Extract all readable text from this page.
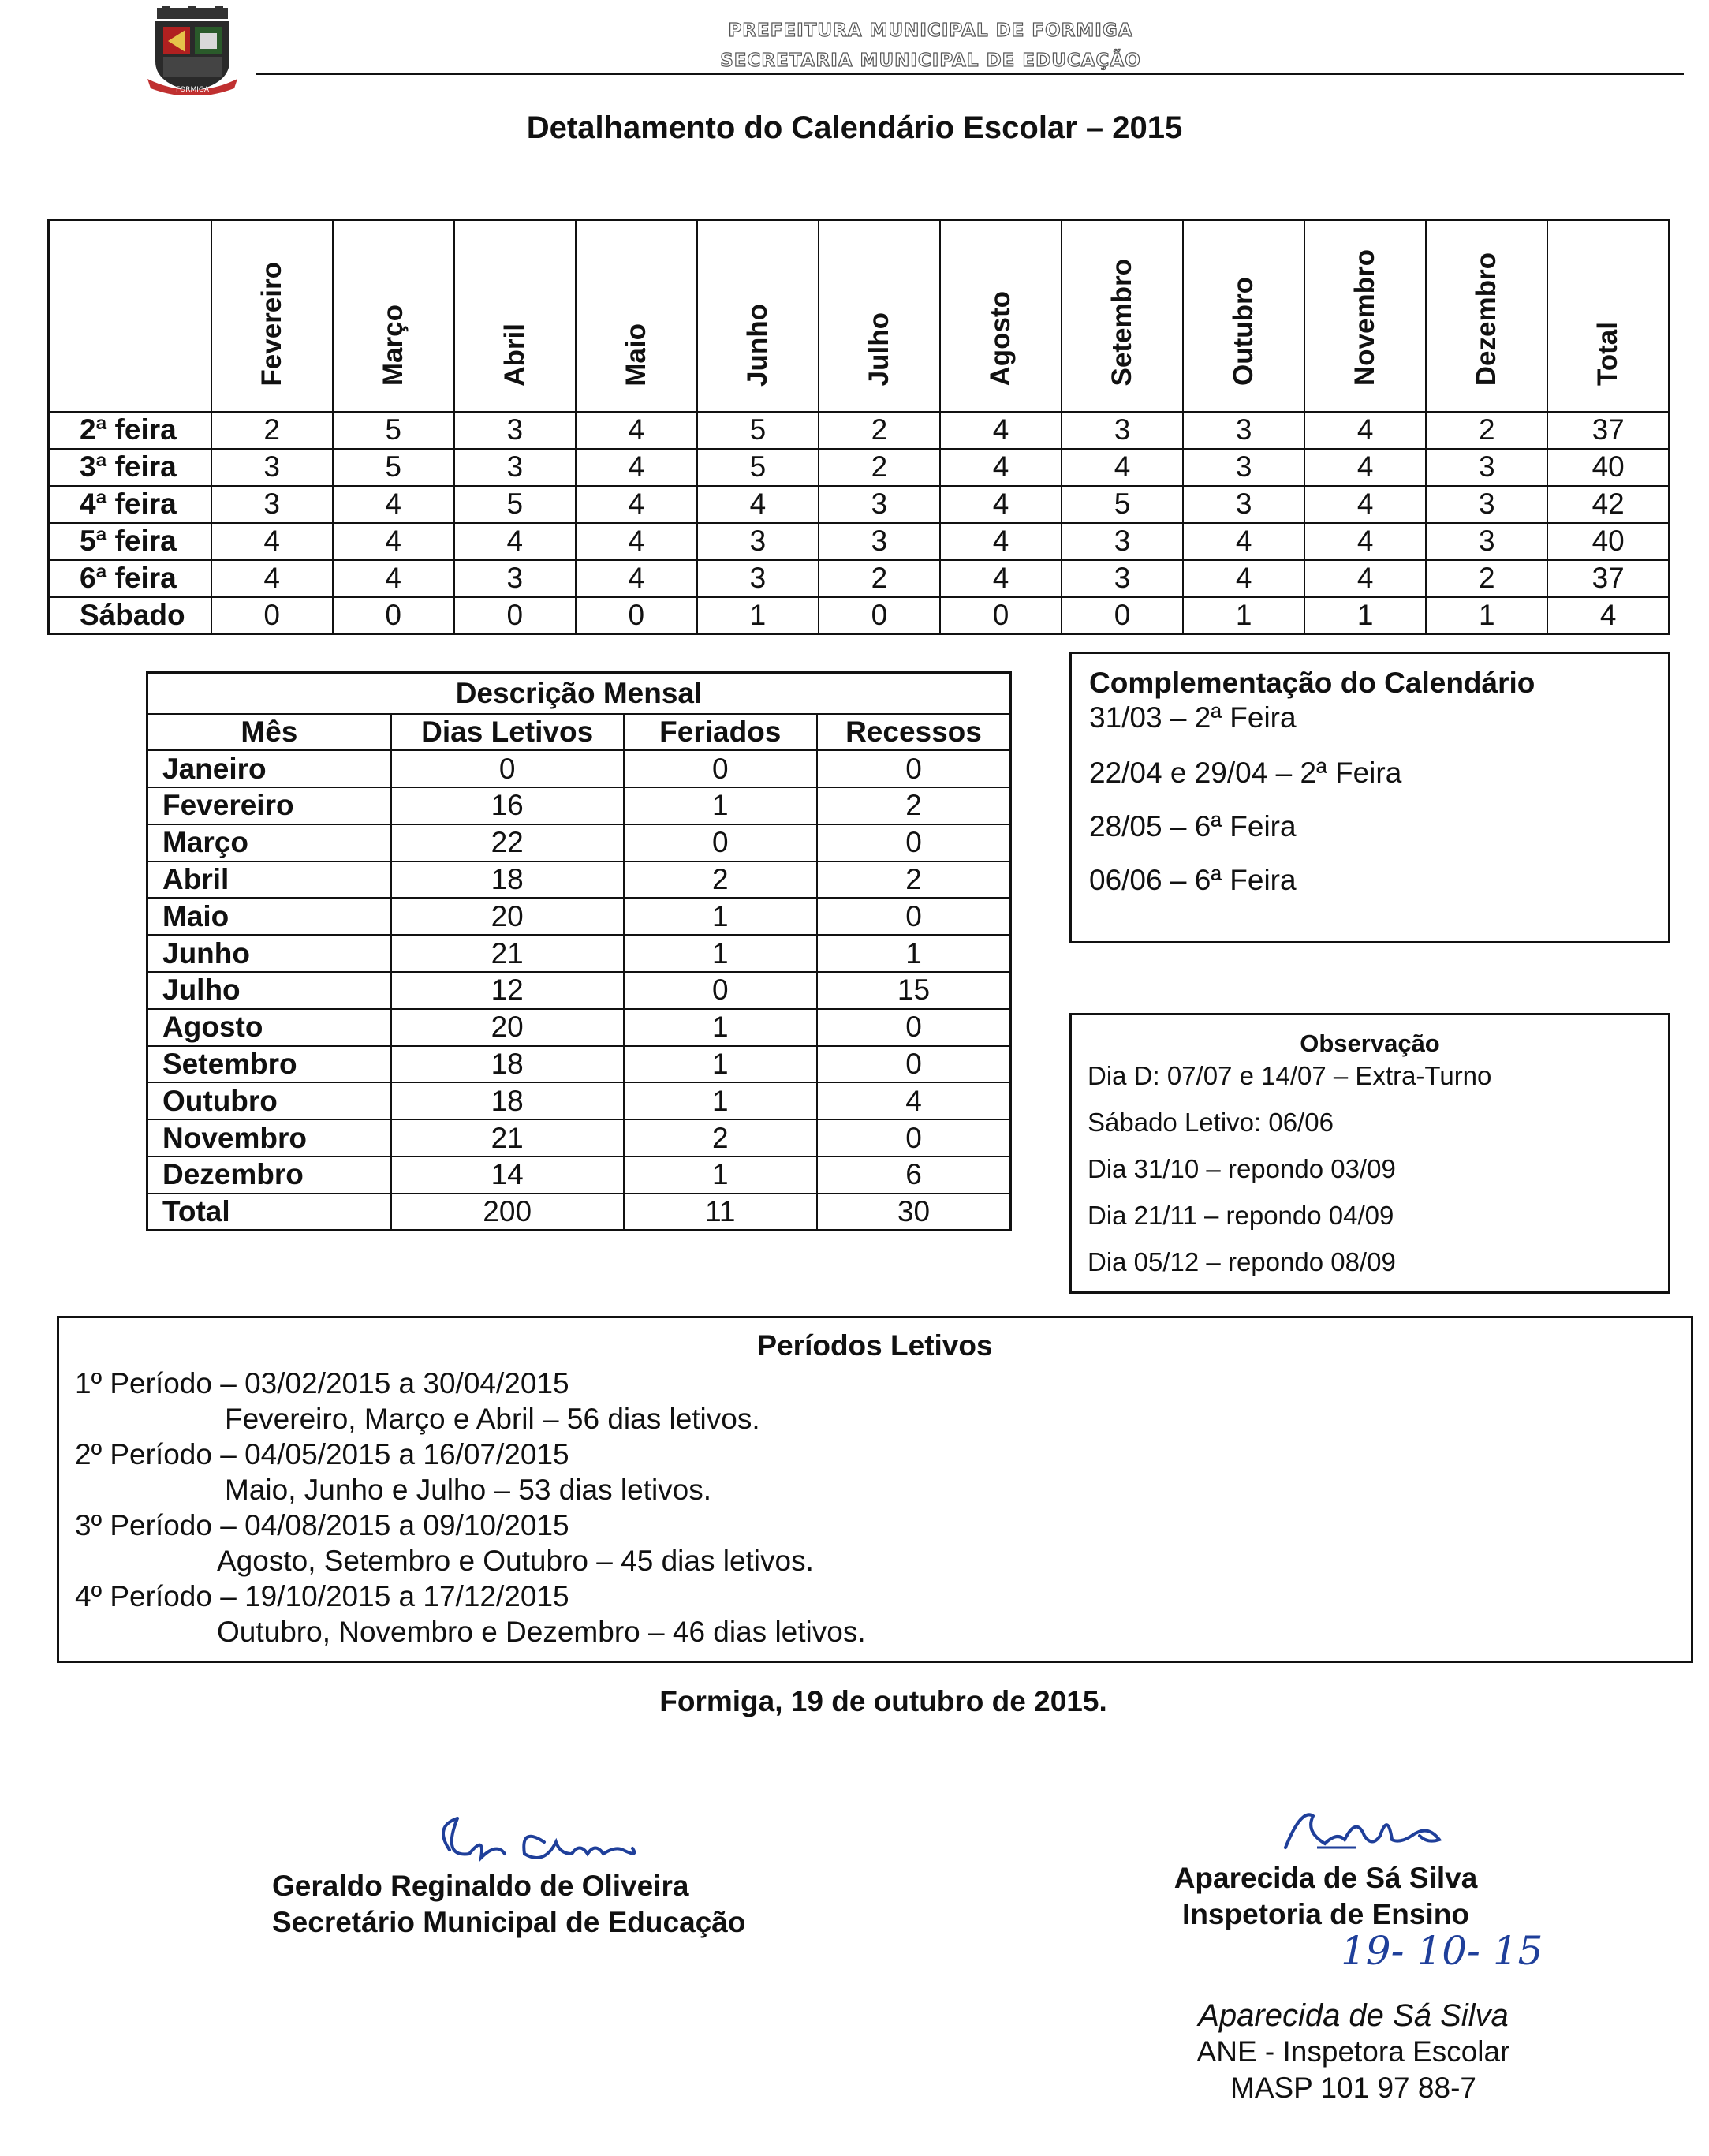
FORMIGA
PREFEITURA MUNICIPAL DE FORMIGA
SECRETARIA MUNICIPAL DE EDUCAÇÃO
Detalhamento do Calendário Escolar – 2015
	Fevereiro	Março	Abril	Maio	Junho	Julho	Agosto	Setembro	Outubro	Novembro	Dezembro	Total
2ª feira	2	5	3	4	5	2	4	3	3	4	2	37
3ª feira	3	5	3	4	5	2	4	4	3	4	3	40
4ª feira	3	4	5	4	4	3	4	5	3	4	3	42
5ª feira	4	4	4	4	3	3	4	3	4	4	3	40
6ª feira	4	4	3	4	3	2	4	3	4	4	2	37
Sábado	0	0	0	0	1	0	0	0	1	1	1	4
Descrição Mensal			
Mês	Dias Letivos	Feriados	Recessos
Janeiro	0	0	0
Fevereiro	16	1	2
Março	22	0	0
Abril	18	2	2
Maio	20	1	0
Junho	21	1	1
Julho	12	0	15
Agosto	20	1	0
Setembro	18	1	0
Outubro	18	1	4
Novembro	21	2	0
Dezembro	14	1	6
Total	200	11	30
Complementação do Calendário
31/03 – 2ª Feira
22/04 e 29/04 – 2ª Feira
28/05 – 6ª Feira
06/06 – 6ª Feira
Observação
Dia D: 07/07 e 14/07 – Extra-Turno
Sábado Letivo: 06/06
Dia 31/10 – repondo 03/09
Dia 21/11 – repondo 04/09
Dia 05/12 – repondo 08/09
Períodos Letivos
1º Período – 03/02/2015 a 30/04/2015
Fevereiro, Março e Abril – 56 dias letivos.
2º Período – 04/05/2015 a 16/07/2015
Maio, Junho e Julho – 53 dias letivos.
3º Período – 04/08/2015 a 09/10/2015
Agosto, Setembro e Outubro – 45 dias letivos.
4º Período – 19/10/2015 a 17/12/2015
Outubro, Novembro e Dezembro – 46 dias letivos.
Formiga, 19 de outubro de 2015.
Geraldo Reginaldo de Oliveira
Secretário Municipal de Educação
Aparecida de Sá Silva
Inspetoria de Ensino
19- 10- 15
Aparecida de Sá Silva
ANE - Inspetora Escolar
MASP 101 97 88-7
